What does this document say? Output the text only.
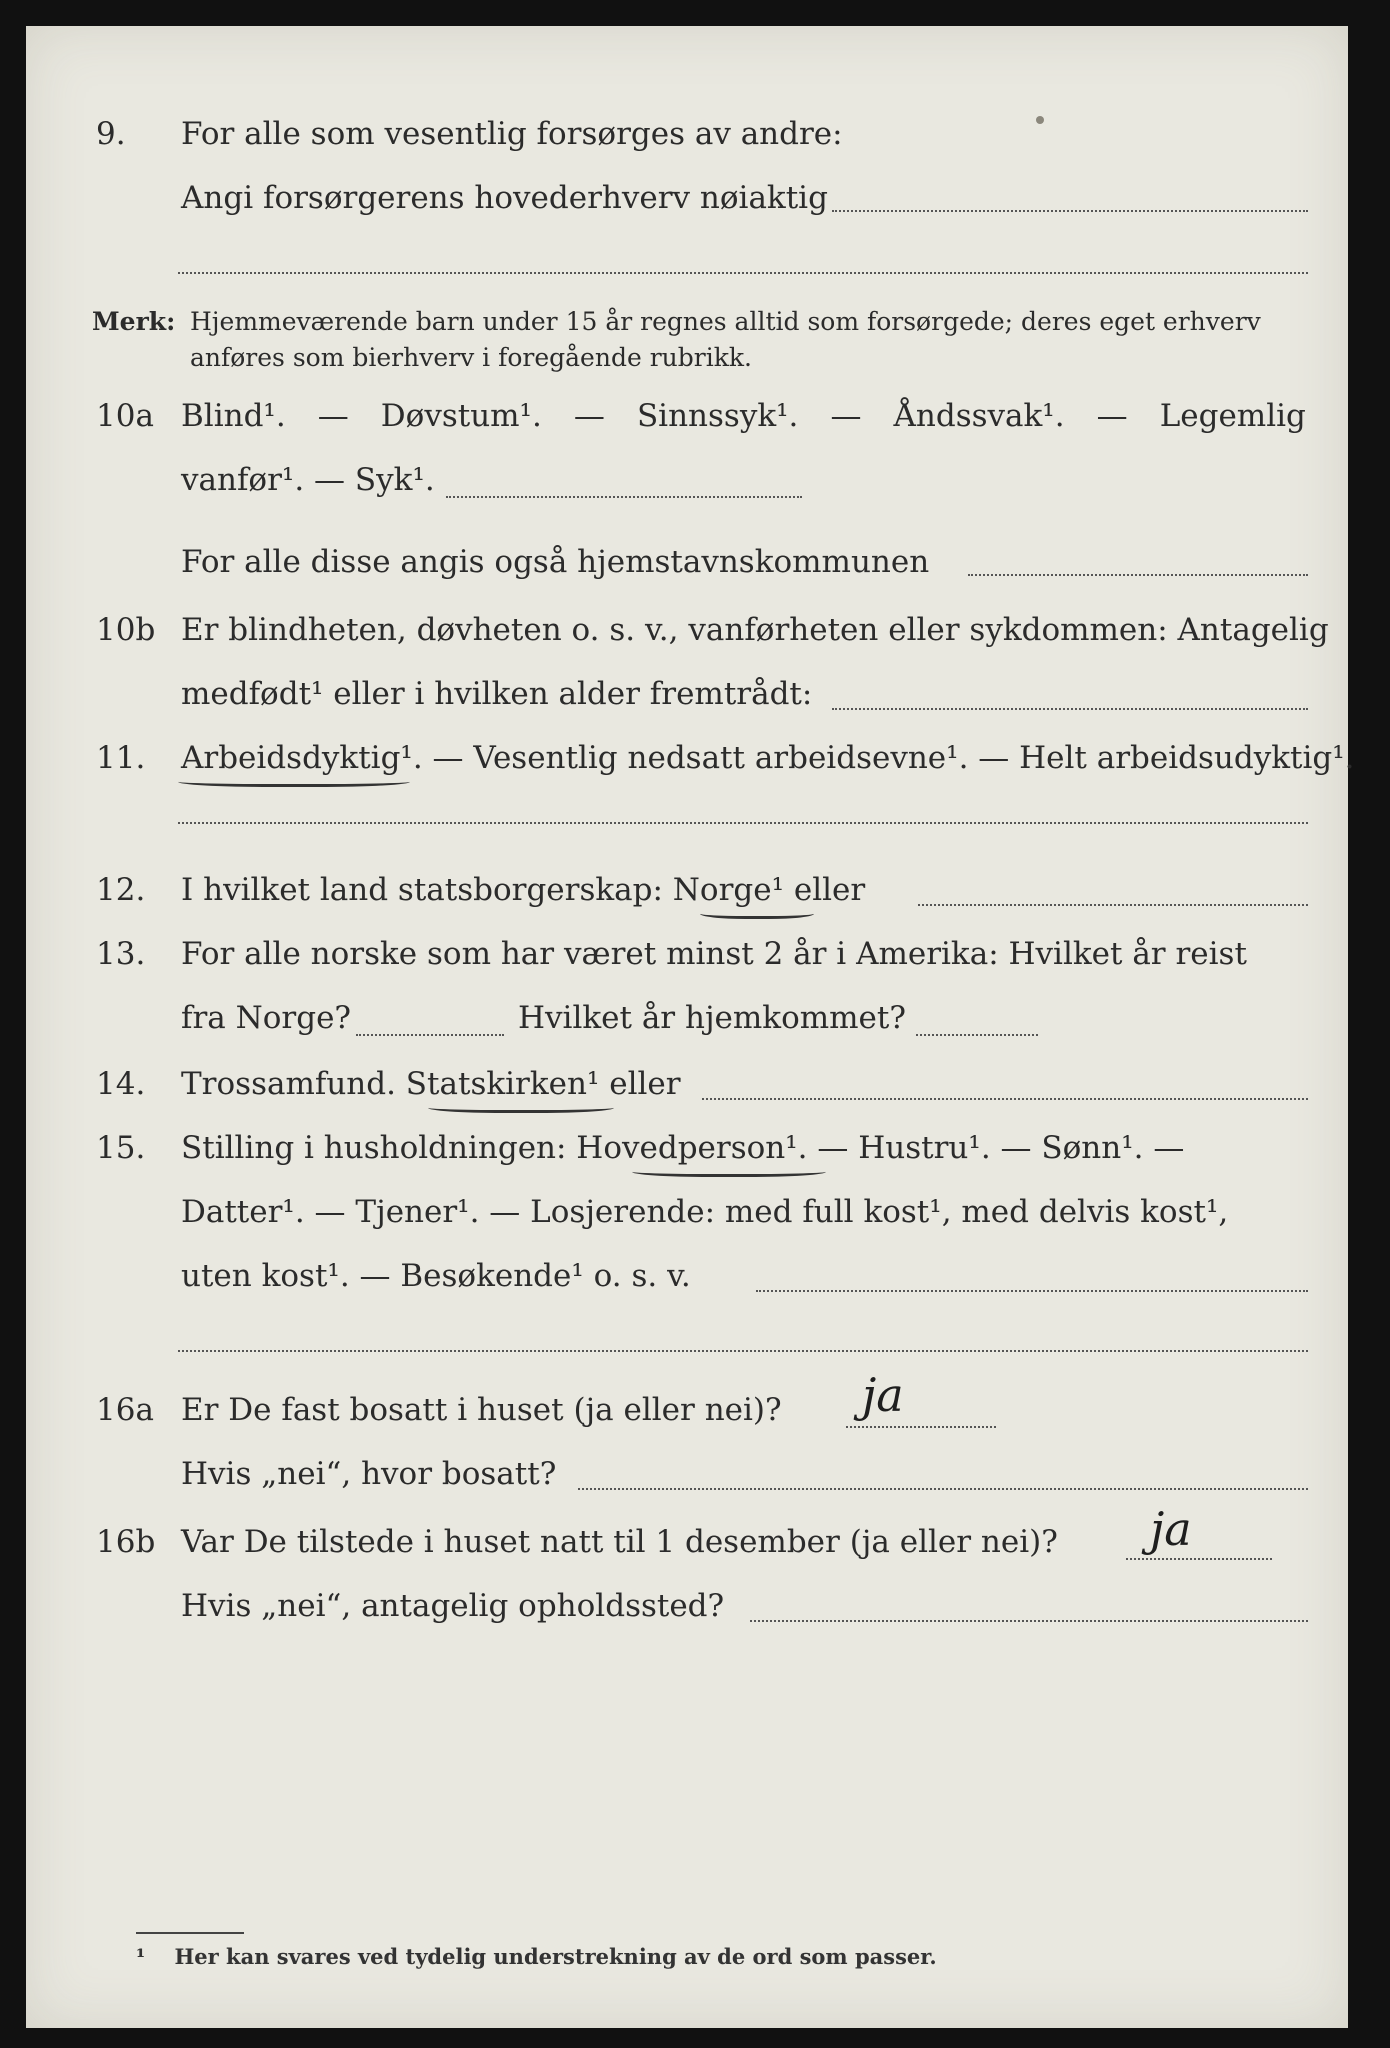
9. For alle som vesentlig forsørges av andre:
Angi forsørgerens hovederhverv nøiaktig
Merk: Hjemmeværende barn under 15 år regnes alltid som forsørgede; deres eget erhverv anføres som bierhverv i foregående rubrikk.
10a Blind¹. — Døvstum¹. — Sinnssyk¹. — Åndssvak¹. — Legemlig
vanfør¹. — Syk¹.
For alle disse angis også hjemstavnskommunen
10b Er blindheten, døvheten o. s. v., vanførheten eller sykdommen: Antagelig
medfødt¹ eller i hvilken alder fremtrådt:
11. Arbeidsdyktig¹. — Vesentlig nedsatt arbeidsevne¹. — Helt arbeidsudyktig¹.
12. I hvilket land statsborgerskap: Norge¹ eller
13. For alle norske som har været minst 2 år i Amerika: Hvilket år reist
fra Norge?	Hvilket år hjemkommet?
14. Trossamfund. Statskirken¹ eller
15. Stilling i husholdningen: Hovedperson¹. — Hustru¹. — Sønn¹. —
Datter¹. — Tjener¹. — Losjerende: med full kost¹, med delvis kost¹,
uten kost¹. — Besøkende¹ o. s. v.
16a Er De fast bosatt i huset (ja eller nei)? ja
Hvis „nei“, hvor bosatt?
16b Var De tilstede i huset natt til 1 desember (ja eller nei)? ja
Hvis „nei“, antagelig opholdssted?
¹ Her kan svares ved tydelig understrekning av de ord som passer.
